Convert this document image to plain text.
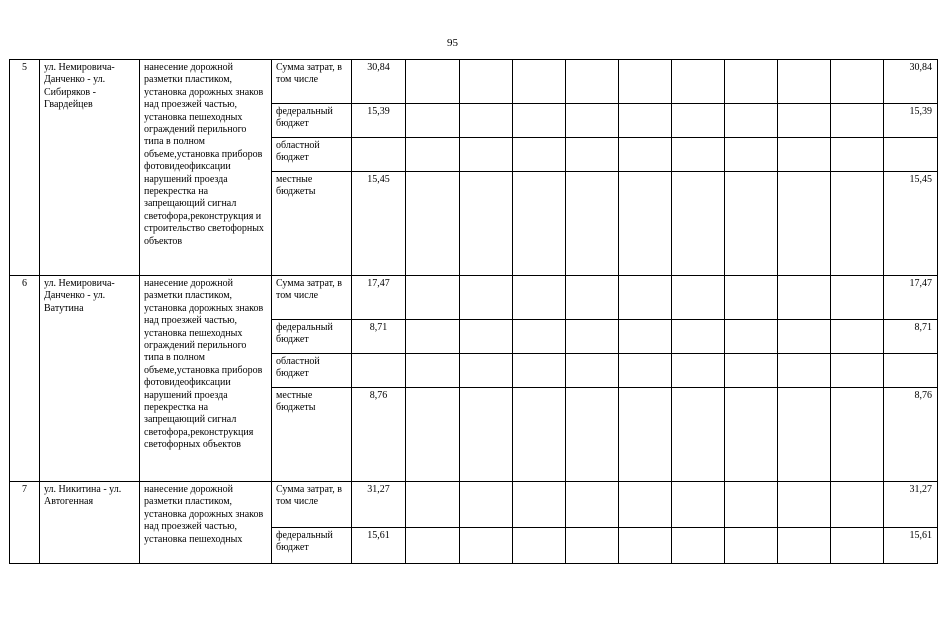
95
5	ул. Немировича-Данченко - ул. Сибиряков - Гвардейцев	нанесение дорожной разметки пластиком, установка дорожных знаков над проезжей частью, установка пешеходных ограждений перильного типа в полном объеме,установка приборов фотовидеофиксации нарушений проезда перекрестка на запрещающий сигнал светофора,реконструкция и строительство светофорных объектов	Сумма затрат, в том числе	30,84										30,84
			федеральный бюджет	15,39										15,39
			областной бюджет											
			местные бюджеты	15,45										15,45
6	ул. Немировича-Данченко - ул. Ватутина	нанесение дорожной разметки пластиком, установка дорожных знаков над проезжей частью, установка пешеходных ограждений перильного типа в полном объеме,установка приборов фотовидеофиксации нарушений проезда перекрестка на запрещающий сигнал светофора,реконструкция светофорных объектов	Сумма затрат, в том числе	17,47										17,47
			федеральный бюджет	8,71										8,71
			областной бюджет											
			местные бюджеты	8,76										8,76
7	ул. Никитина - ул. Автогенная	нанесение дорожной разметки пластиком, установка дорожных знаков над проезжей частью, установка пешеходных	Сумма затрат, в том числе	31,27										31,27
			федеральный бюджет	15,61										15,61
